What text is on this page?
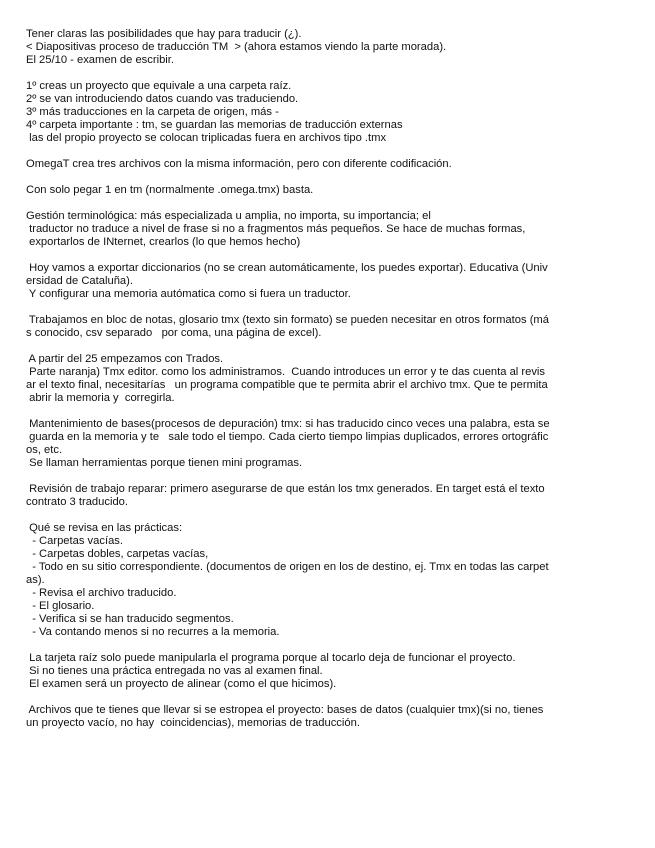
Tener claras las posibilidades que hay para traducir (¿).
< Diapositivas proceso de traducción TM  > (ahora estamos viendo la parte morada).
El 25/10 - examen de escribir.
1º creas un proyecto que equivale a una carpeta raíz.
2º se van introduciendo datos cuando vas traduciendo.
3º más traducciones en la carpeta de origen, más -
4º carpeta importante : tm, se guardan las memorias de traducción externas
las del propio proyecto se colocan triplicadas fuera en archivos tipo .tmx
OmegaT crea tres archivos con la misma información, pero con diferente codificación.
Con solo pegar 1 en tm (normalmente .omega.tmx) basta.
Gestión terminológica: más especializada u amplia, no importa, su importancia; el
traductor no traduce a nivel de frase si no a fragmentos más pequeños. Se hace de muchas formas,
exportarlos de INternet, crearlos (lo que hemos hecho)
Hoy vamos a exportar diccionarios (no se crean automáticamente, los puedes exportar). Educativa (Univ
ersidad de Cataluña).
Y configurar una memoria autómatica como si fuera un traductor.
Trabajamos en bloc de notas, glosario tmx (texto sin formato) se pueden necesitar en otros formatos (má
s conocido, csv separado   por coma, una página de excel).
A partir del 25 empezamos con Trados.
Parte naranja) Tmx editor. como los administramos.  Cuando introduces un error y te das cuenta al revis
ar el texto final, necesitarías   un programa compatible que te permita abrir el archivo tmx. Que te permita
abrir la memoria y  corregirla.
Mantenimiento de bases(procesos de depuración) tmx: si has traducido cinco veces una palabra, esta se
guarda en la memoria y te   sale todo el tiempo. Cada cierto tiempo limpias duplicados, errores ortográfic
os, etc.
Se llaman herramientas porque tienen mini programas.
Revisión de trabajo reparar: primero asegurarse de que están los tmx generados. En target está el texto
contrato 3 traducido.
Qué se revisa en las prácticas:
- Carpetas vacías.
- Carpetas dobles, carpetas vacías,
- Todo en su sitio correspondiente. (documentos de origen en los de destino, ej. Tmx en todas las carpet
as).
- Revisa el archivo traducido.
- El glosario.
- Verifica si se han traducido segmentos.
- Va contando menos si no recurres a la memoria.
La tarjeta raíz solo puede manipularla el programa porque al tocarlo deja de funcionar el proyecto.
Si no tienes una práctica entregada no vas al examen final.
El examen será un proyecto de alinear (como el que hicimos).
Archivos que te tienes que llevar si se estropea el proyecto: bases de datos (cualquier tmx)(si no, tienes
un proyecto vacío, no hay  coincidencias), memorias de traducción.
